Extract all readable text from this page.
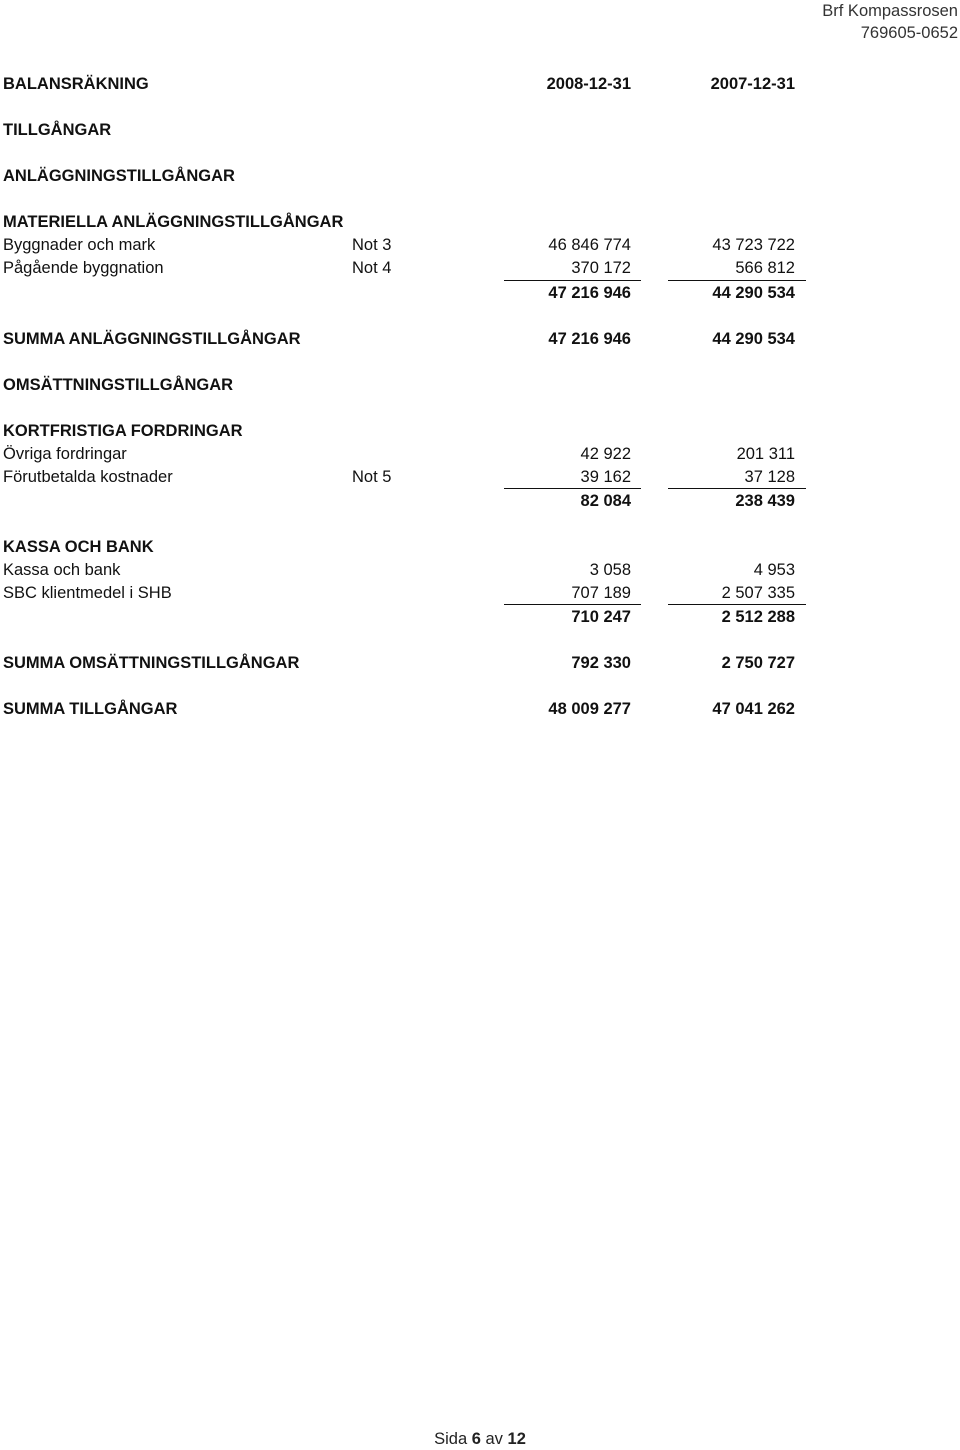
Brf Kompassrosen
769605-0652
BALANSRÄKNING	2008-12-31	2007-12-31
TILLGÅNGAR
ANLÄGGNINGSTILLGÅNGAR
MATERIELLA ANLÄGGNINGSTILLGÅNGAR
Byggnader och mark	Not 3	46 846 774	43 723 722
Pågående byggnation	Not 4	370 172	566 812
47 216 946	44 290 534
SUMMA ANLÄGGNINGSTILLGÅNGAR	47 216 946	44 290 534
OMSÄTTNINGSTILLGÅNGAR
KORTFRISTIGA FORDRINGAR
Övriga fordringar	42 922	201 311
Förutbetalda kostnader	Not 5	39 162	37 128
82 084	238 439
KASSA OCH BANK
Kassa och bank	3 058	4 953
SBC klientmedel i SHB	707 189	2 507 335
710 247	2 512 288
SUMMA OMSÄTTNINGSTILLGÅNGAR	792 330	2 750 727
SUMMA TILLGÅNGAR	48 009 277	47 041 262
Sida 6 av 12
